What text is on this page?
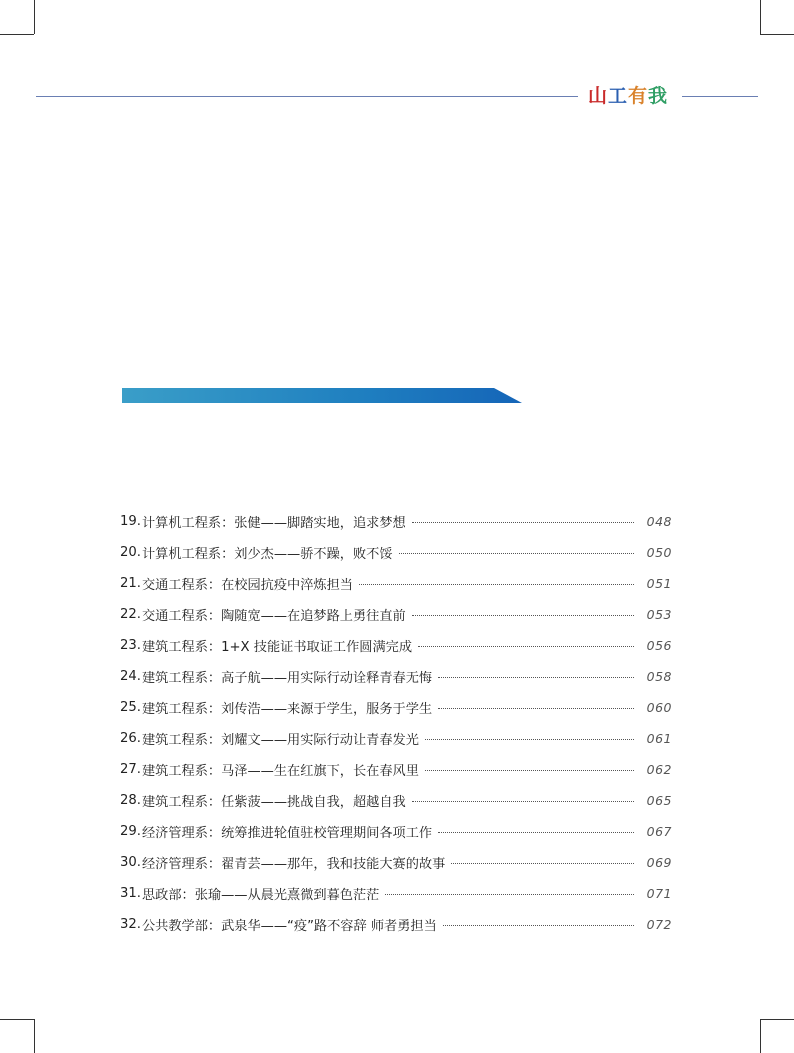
山工有我
19. 计算机工程系：张健——脚踏实地，追求梦想	048
20. 计算机工程系：刘少杰——骄不躁，败不馁	050
21. 交通工程系：在校园抗疫中淬炼担当	051
22. 交通工程系：陶随宽——在追梦路上勇往直前	053
23. 建筑工程系：1+X 技能证书取证工作圆满完成	056
24. 建筑工程系：高子航——用实际行动诠释青春无悔	058
25. 建筑工程系：刘传浩——来源于学生，服务于学生	060
26. 建筑工程系：刘耀文——用实际行动让青春发光	061
27. 建筑工程系：马泽——生在红旗下，长在春风里	062
28. 建筑工程系：任紫菠——挑战自我，超越自我	065
29. 经济管理系：统筹推进轮值驻校管理期间各项工作	067
30. 经济管理系：翟青芸——那年，我和技能大赛的故事	069
31. 思政部：张瑜——从晨光熹微到暮色茫茫	071
32. 公共教学部：武泉华——“疫”路不容辞 师者勇担当	072
